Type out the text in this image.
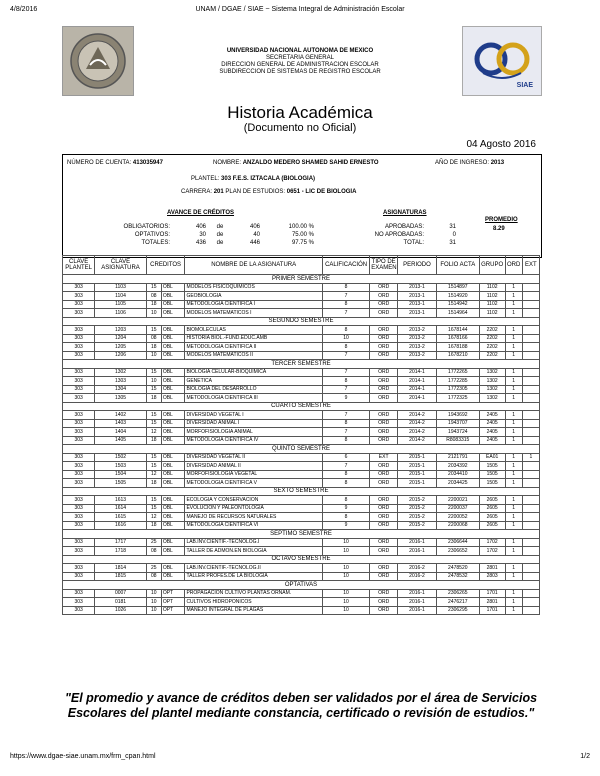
4/8/2016	UNAM / DGAE / SIAE ~ Sistema Integral de Administración Escolar
UNIVERSIDAD NACIONAL AUTONOMA DE MEXICO
SECRETARIA GENERAL
DIRECCION GENERAL DE ADMINISTRACION ESCOLAR
SUBDIRECCION DE SISTEMAS DE REGISTRO ESCOLAR
SIAE
Historia Académica
(Documento no Oficial)
04 Agosto 2016
NÚMERO DE CUENTA: 413035947	NOMBRE: ANZALDO MEDERO SHAMED SAHID ERNESTO	AÑO DE INGRESO: 2013
PLANTEL: 303 F.E.S. IZTACALA (BIOLOGIA)
CARRERA: 201 PLAN DE ESTUDIOS: 0651 - LIC DE BIOLOGIA
AVANCE DE CRÉDITOS
OBLIGATORIOS:	406	de	406	100.00 %
OPTATIVOS:	30	de	40	75.00 %
TOTALES:	436	de	446	97.75 %
ASIGNATURAS
APROBADAS:	31
NO APROBADAS:	0
TOTAL:	31
PROMEDIO
8.29
CLAVE PLANTEL	CLAVE ASIGNATURA	CREDITOS		NOMBRE DE LA ASIGNATURA	CALIFICACIÓN	TIPO DE EXAMEN	PERIODO	FOLIO ACTA	GRUPO	ORD	EXT
PRIMER SEMESTRE											
303	1103	15	OBL	MODELOS FISICOQUIMICOS	8	ORD	2013-1	1514897	1102	1	
303	1104	08	OBL	GEOBIOLOGIA	7	ORD	2013-1	1514920	1102	1	
303	1105	18	OBL	METODOLOGIA CIENTIFICA I	8	ORD	2013-1	1514942	1102	1	
303	1106	10	OBL	MODELOS MATEMATICOS I	7	ORD	2013-1	1514964	1102	1	
SEGUNDO SEMESTRE											
303	1203	15	OBL	BIOMOLECULAS	8	ORD	2013-2	1678144	2202	1	
303	1204	08	OBL	HISTORIA BIOL.-FUND.EDUC.AMB	10	ORD	2013-2	1678166	2202	1	
303	1205	18	OBL	METODOLOGIA CIENTIFICA II	8	ORD	2013-2	1678188	2202	1	
303	1206	10	OBL	MODELOS MATEMATICOS II	7	ORD	2013-2	1678210	2202	1	
TERCER SEMESTRE											
303	1302	15	OBL	BIOLOGIA CELULAR-BIOQUIMICA	7	ORD	2014-1	1772265	1302	1	
303	1303	10	OBL	GENETICA	8	ORD	2014-1	1772285	1302	1	
303	1304	15	OBL	BIOLOGIA DEL DESARROLLO	7	ORD	2014-1	1772305	1302	1	
303	1305	18	OBL	METODOLOGIA CIENTIFICA III	9	ORD	2014-1	1772325	1302	1	
CUARTO SEMESTRE											
303	1402	15	OBL	DIVERSIDAD VEGETAL I	7	ORD	2014-2	1943692	2405	1	
303	1403	15	OBL	DIVERSIDAD ANIMAL I	8	ORD	2014-2	1943707	2405	1	
303	1404	12	OBL	MORFOFISIOLOGIA ANIMAL	7	ORD	2014-2	1943724	2405	1	
303	1405	18	OBL	METODOLOGIA CIENTIFICA IV	8	ORD	2014-2	R8083315	2405	1	
QUINTO SEMESTRE											
303	1502	15	OBL	DIVERSIDAD VEGETAL II	6	EXT	2015-1	2121791	EA01	1	1
303	1503	15	OBL	DIVERSIDAD ANIMAL II	7	ORD	2015-1	2034392	1505	1	
303	1504	12	OBL	MORFOFISIOLOGIA VEGETAL	8	ORD	2015-1	2034410	1505	1	
303	1505	18	OBL	METODOLOGIA CIENTIFICA V	8	ORD	2015-1	2034425	1505	1	
SEXTO SEMESTRE											
303	1613	15	OBL	ECOLOGIA Y CONSERVACION	8	ORD	2015-2	2200021	2605	1	
303	1614	15	OBL	EVOLUCION Y PALEONTOLOGIA	9	ORD	2015-2	2200037	2605	1	
303	1615	12	OBL	MANEJO DE RECURSOS NATURALES	8	ORD	2015-2	2200052	2605	1	
303	1616	18	OBL	METODOLOGIA CIENTIFICA VI	9	ORD	2015-2	2200068	2605	1	
SEPTIMO SEMESTRE											
303	1717	25	OBL	LAB.INV.CIENTIF.-TECNOLOG.I	10	ORD	2016-1	2306644	1702	1	
303	1718	08	OBL	TALLER DE ADMON.EN BIOLOGIA	10	ORD	2016-1	2306652	1702	1	
OCTAVO SEMESTRE											
303	1814	25	OBL	LAB.INV.CIENTIF.-TECNOLOG.II	10	ORD	2016-2	2478520	2801	1	
303	1815	08	OBL	TALLER PROFES.DE LA BIOLOGIA	10	ORD	2016-2	2478532	2803	1	
OPTATIVAS											
303	0007	10	OPT	PROPAGACION CULTIVO PLANTAS ORNAM.	10	ORD	2016-1	2306265	1701	1	
303	0181	10	OPT	CULTIVOS HIDROPONICOS	10	ORD	2016-1	2476217	2801	1	
303	1026	10	OPT	MANEJO INTEGRAL DE PLAGAS	10	ORD	2016-1	2306295	1701	1	
"El promedio y avance de créditos deben ser validados por el área de Servicios Escolares del plantel mediante constancia, certificado o revisión de estudios."
https://www.dgae-siae.unam.mx/frm_cpan.html	1/2
